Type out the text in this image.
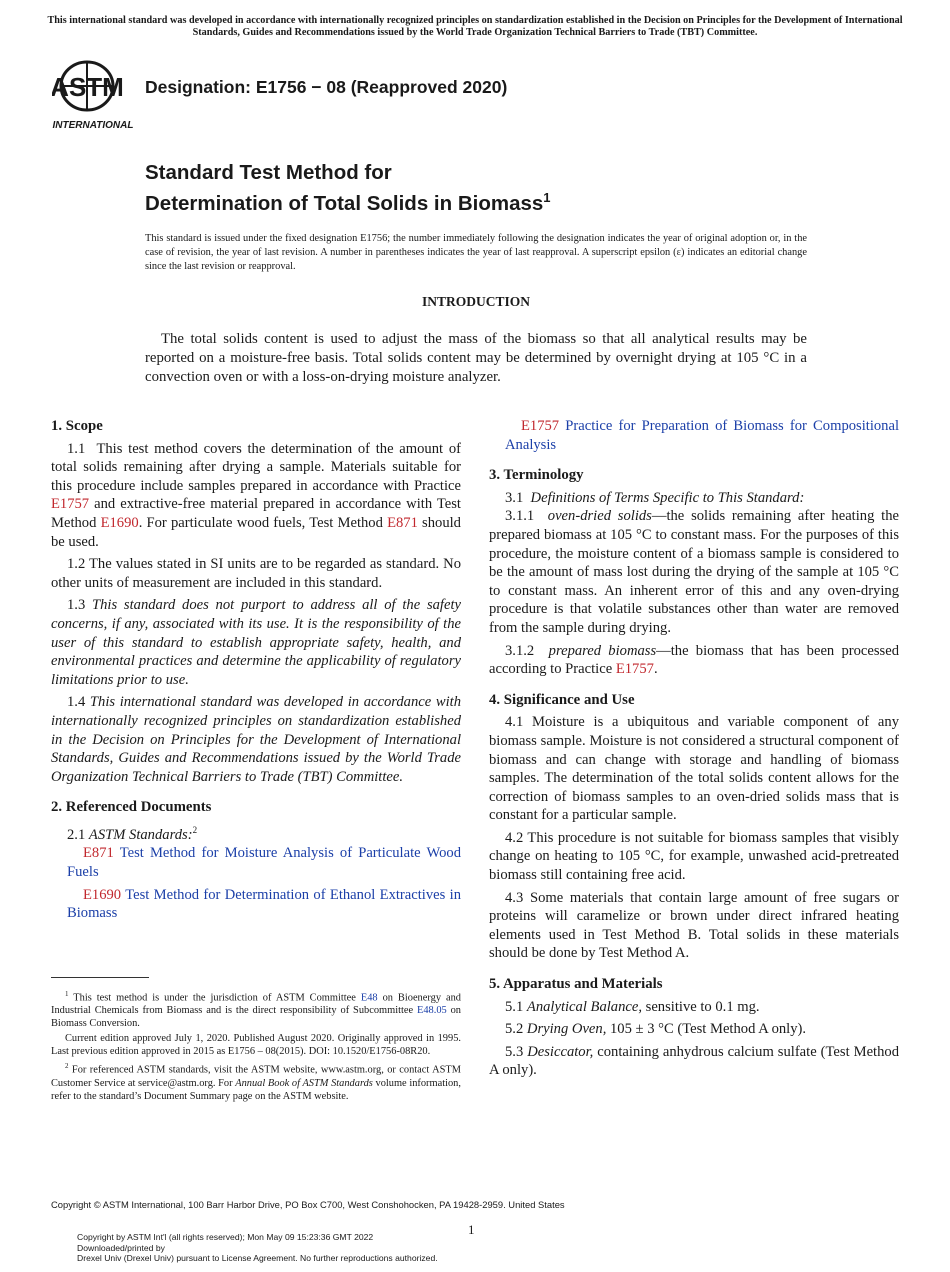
This international standard was developed in accordance with internationally recognized principles on standardization established in the Decision on Principles for the Development of International Standards, Guides and Recommendations issued by the World Trade Organization Technical Barriers to Trade (TBT) Committee.
ASTM
INTERNATIONAL
Designation: E1756 − 08 (Reapproved 2020)
Standard Test Method for
Determination of Total Solids in Biomass$^1$
This standard is issued under the fixed designation E1756; the number immediately following the designation indicates the year of original adoption or, in the case of revision, the year of last revision. A number in parentheses indicates the year of last reapproval. A superscript epsilon (ε) indicates an editorial change since the last revision or reapproval.
INTRODUCTION
The total solids content is used to adjust the mass of the biomass so that all analytical results may be reported on a moisture-free basis. Total solids content may be determined by overnight drying at 105 °C in a convection oven or with a loss-on-drying moisture analyzer.
1. Scope

1.1 This test method covers the determination of the amount of total solids remaining after drying a sample. Materials suitable for this procedure include samples prepared in accordance with Practice E1757 and extractive-free material prepared in accordance with Test Method E1690. For particulate wood fuels, Test Method E871 should be used.

1.2 The values stated in SI units are to be regarded as standard. No other units of measurement are included in this standard.

1.3 This standard does not purport to address all of the safety concerns, if any, associated with its use. It is the responsibility of the user of this standard to establish appropriate safety, health, and environmental practices and determine the applicability of regulatory limitations prior to use.

1.4 This international standard was developed in accordance with internationally recognized principles on standardization established in the Decision on Principles for the Development of International Standards, Guides and Recommendations issued by the World Trade Organization Technical Barriers to Trade (TBT) Committee.

2. Referenced Documents

2.1 ASTM Standards:$^2$

E871 Test Method for Moisture Analysis of Particulate Wood Fuels

E1690 Test Method for Determination of Ethanol Extractives in Biomass

$^1$ This test method is under the jurisdiction of ASTM Committee E48 on Bioenergy and Industrial Chemicals from Biomass and is the direct responsibility of Subcommittee E48.05 on Biomass Conversion.

Current edition approved July 1, 2020. Published August 2020. Originally approved in 1995. Last previous edition approved in 2015 as E1756 – 08(2015). DOI: 10.1520/E1756-08R20.

$^2$ For referenced ASTM standards, visit the ASTM website, www.astm.org, or contact ASTM Customer Service at service@astm.org. For Annual Book of ASTM Standards volume information, refer to the standard’s Document Summary page on the ASTM website.

E1757 Practice for Preparation of Biomass for Compositional Analysis

3. Terminology

3.1 Definitions of Terms Specific to This Standard:

3.1.1 oven-dried solids—the solids remaining after heating the prepared biomass at 105 °C to constant mass. For the purposes of this procedure, the moisture content of a biomass sample is considered to be the amount of mass lost during the drying of the sample at 105 °C to constant mass. An inherent error of this and any oven-drying procedure is that volatile substances other than water are removed from the sample during drying.

3.1.2 prepared biomass—the biomass that has been processed according to Practice E1757.

4. Significance and Use

4.1 Moisture is a ubiquitous and variable component of any biomass sample. Moisture is not considered a structural component of biomass and can change with storage and handling of biomass samples. The determination of the total solids content allows for the correction of biomass samples to an oven-dried solids mass that is constant for a particular sample.

4.2 This procedure is not suitable for biomass samples that visibly change on heating to 105 °C, for example, unwashed acid-pretreated biomass still containing free acid.

4.3 Some materials that contain large amount of free sugars or proteins will caramelize or brown under direct infrared heating elements used in Test Method B. Total solids in these materials should be done by Test Method A.

5. Apparatus and Materials

5.1 Analytical Balance, sensitive to 0.1 mg.

5.2 Drying Oven, 105 ± 3 °C (Test Method A only).

5.3 Desiccator, containing anhydrous calcium sulfate (Test Method A only).

Copyright © ASTM International, 100 Barr Harbor Drive, PO Box C700, West Conshohocken, PA 19428-2959. United States
1
Copyright by ASTM Int'l (all rights reserved); Mon May 09 15:23:36 GMT 2022
Downloaded/printed by
Drexel Univ (Drexel Univ) pursuant to License Agreement. No further reproductions authorized.
